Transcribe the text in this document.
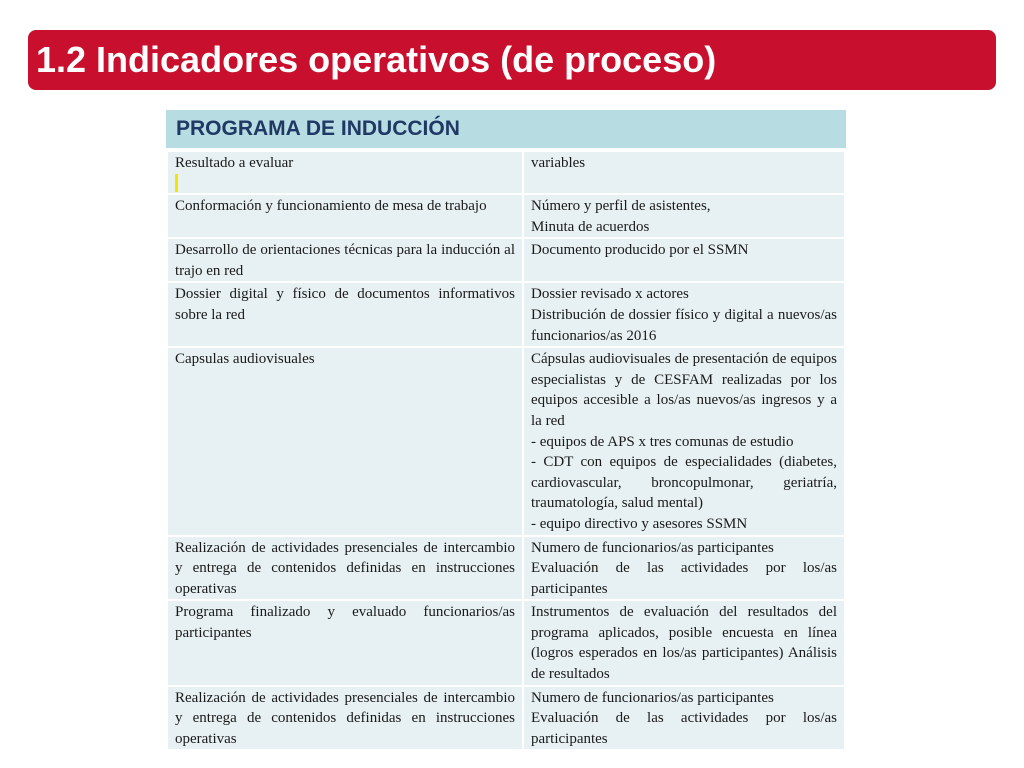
1.2 Indicadores operativos (de proceso)
PROGRAMA DE INDUCCIÓN
Resultado a evaluar	variables
Conformación y funcionamiento de mesa de trabajo	Número y perfil de asistentes,
Minuta de acuerdos

Desarrollo de orientaciones técnicas para la inducción al trajo en red	Documento producido por el SSMN

Dossier digital y físico de documentos informativos sobre la red	Dossier revisado x actores
Distribución de dossier físico y digital a nuevos/as funcionarios/as 2016

Capsulas audiovisuales	Cápsulas audiovisuales de presentación de equipos especialistas y de CESFAM realizadas por los equipos accesible a los/as nuevos/as ingresos y a la red
- equipos de APS x tres comunas de estudio
- CDT con equipos de especialidades (diabetes, cardiovascular, broncopulmonar, geriatría, traumatología, salud mental)
- equipo directivo y asesores SSMN

Realización de actividades presenciales de intercambio y entrega de contenidos definidas en instrucciones operativas	Numero de funcionarios/as participantes
Evaluación de las actividades por los/as participantes

Programa finalizado y evaluado funcionarios/as participantes	Instrumentos de evaluación del resultados del programa aplicados, posible encuesta en línea (logros esperados en los/as participantes) Análisis de resultados

Realización de actividades presenciales de intercambio y entrega de contenidos definidas en instrucciones operativas	Numero de funcionarios/as participantes
Evaluación de las actividades por los/as participantes
